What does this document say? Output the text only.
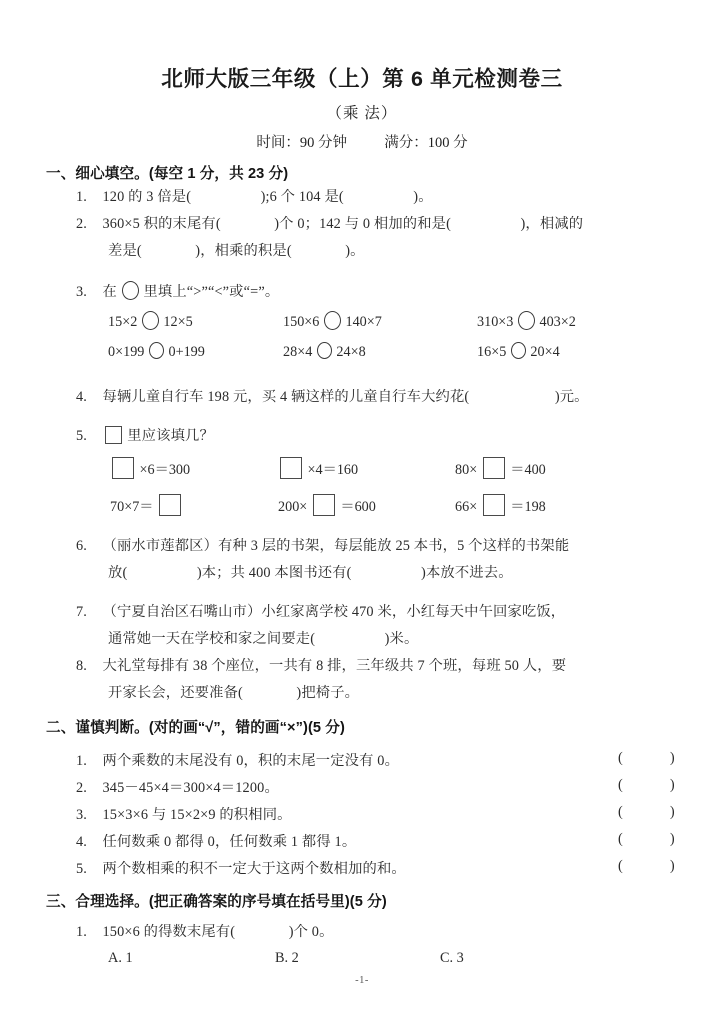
北师大版三年级（上）第 6 单元检测卷三
（乘 法）
时间：90 分钟	满分：100 分
一、细心填空。(每空 1 分，共 23 分)
1. 120 的 3 倍是(	);6 个 104 是(	)。
2. 360×5 积的末尾有(	)个 0；142 与 0 相加的和是(	)，相减的
差是(	)，相乘的积是(	)。
3. 在 里填上“>”“<”或“=”。
15×2 12×5	150×6 140×7	310×3 403×2
0×199 0+199	28×4 24×8	16×5 20×4
4. 每辆儿童自行车 198 元，买 4 辆这样的儿童自行车大约花(	)元。
5.	里应该填几？
×6＝300	×4＝160	80× ＝400
70×7＝	200× ＝600	66× ＝198
6. （丽水市莲都区）有种 3 层的书架，每层能放 25 本书，5 个这样的书架能
放(	)本；共 400 本图书还有(	)本放不进去。
7. （宁夏自治区石嘴山市）小红家离学校 470 米，小红每天中午回家吃饭，
通常她一天在学校和家之间要走(	)米。
8. 大礼堂每排有 38 个座位，一共有 8 排，三年级共 7 个班，每班 50 人，要
开家长会，还要准备(	)把椅子。
二、谨慎判断。(对的画“√”，错的画“×”)(5 分)
1. 两个乘数的末尾没有 0，积的末尾一定没有 0。	(	)
2. 345－45×4＝300×4＝1200。	(	)
3. 15×3×6 与 15×2×9 的积相同。	(	)
4. 任何数乘 0 都得 0，任何数乘 1 都得 1。	(	)
5. 两个数相乘的积不一定大于这两个数相加的和。	(	)
三、合理选择。(把正确答案的序号填在括号里)(5 分)
1. 150×6 的得数末尾有(	)个 0。
A. 1	B. 2	C. 3
-1-
